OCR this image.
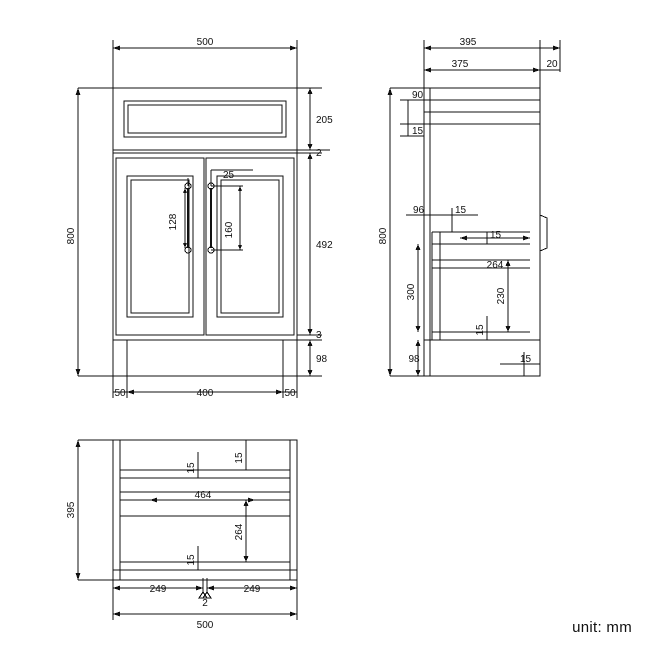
500
800
205
2
492
3
98
25
128	160
50	400	50
395
375	20
800
90
15
96	15
15
264
300	230
15
98	15
395
15
15
464
264
15
249
2
249
500	unit: mm
